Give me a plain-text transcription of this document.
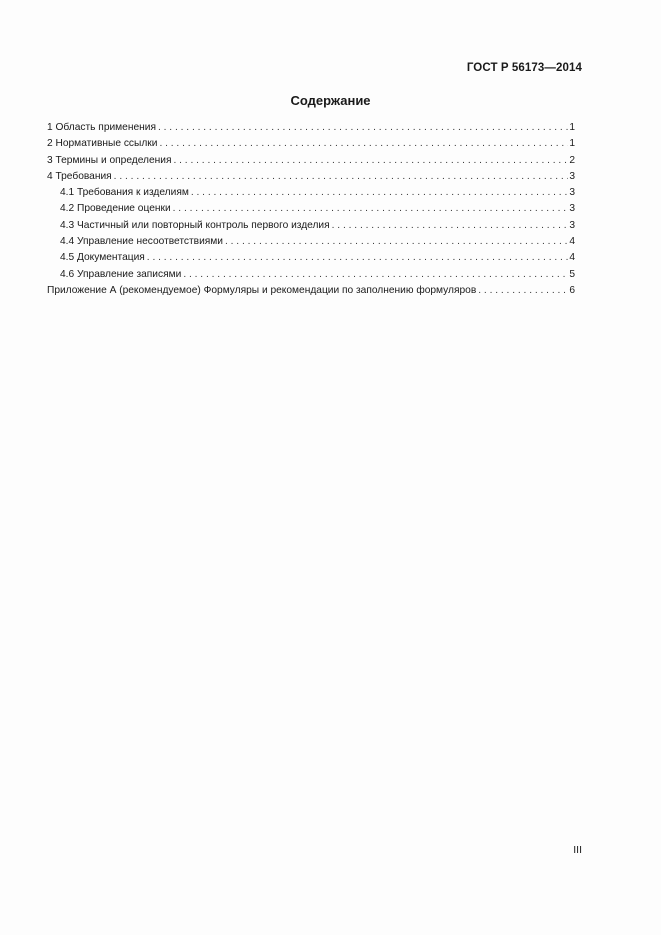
ГОСТ Р 56173—2014
Содержание
1 Область применения . . .	1
2 Нормативные ссылки . . .	1
3 Термины и определения . . .	2
4 Требования . . .	3
4.1 Требования к изделиям . . .	3
4.2 Проведение оценки . . .	3
4.3 Частичный или повторный контроль первого изделия . . .	3
4.4 Управление несоответствиями . . .	4
4.5 Документация . . .	4
4.6 Управление записями . . .	5
Приложение А (рекомендуемое) Формуляры и рекомендации по заполнению формуляров . . .	6
III
